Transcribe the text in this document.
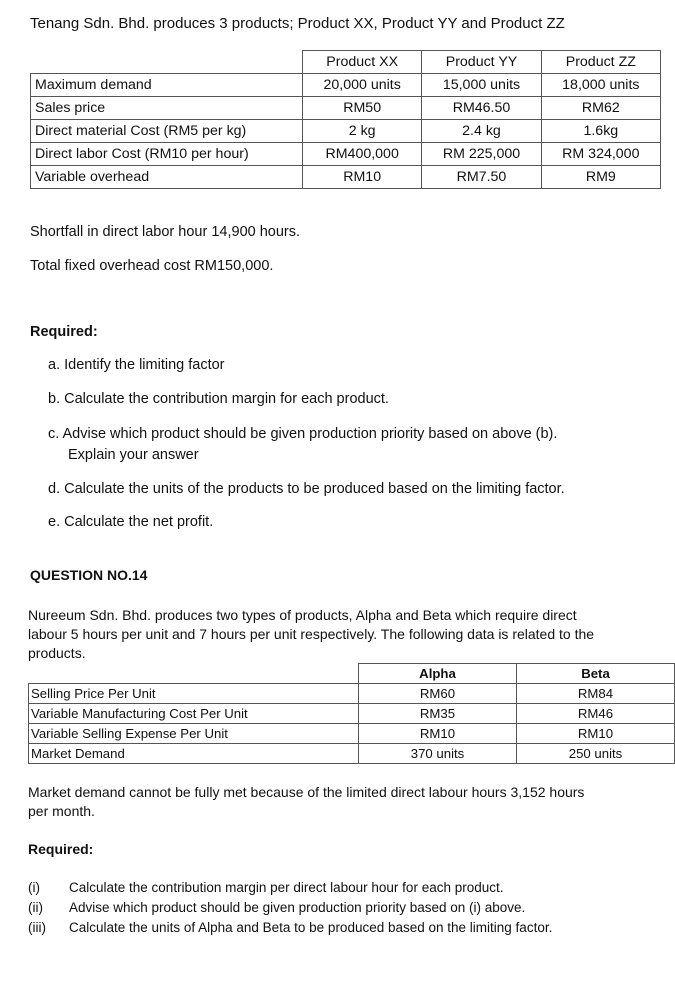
Tenang Sdn. Bhd. produces 3 products; Product XX, Product YY and Product ZZ
	Product XX	Product YY	Product ZZ
Maximum demand	20,000 units	15,000 units	18,000 units
Sales price	RM50	RM46.50	RM62
Direct material Cost (RM5 per kg)	2 kg	2.4 kg	1.6kg
Direct labor Cost (RM10 per hour)	RM400,000	RM 225,000	RM 324,000
Variable overhead	RM10	RM7.50	RM9
Shortfall in direct labor hour 14,900 hours.
Total fixed overhead cost RM150,000.
Required:
a. Identify the limiting factor
b. Calculate the contribution margin for each product.
c. Advise which product should be given production priority based on above (b).
Explain your answer
d. Calculate the units of the products to be produced based on the limiting factor.
e. Calculate the net profit.
QUESTION NO.14
Nureeum Sdn. Bhd. produces two types of products, Alpha and Beta which require direct
labour 5 hours per unit and 7 hours per unit respectively. The following data is related to the
products.
	Alpha	Beta
Selling Price Per Unit	RM60	RM84
Variable Manufacturing Cost Per Unit	RM35	RM46
Variable Selling Expense Per Unit	RM10	RM10
Market Demand	370 units	250 units
Market demand cannot be fully met because of the limited direct labour hours 3,152 hours
per month.
Required:
(i) Calculate the contribution margin per direct labour hour for each product.
(ii) Advise which product should be given production priority based on (i) above.
(iii) Calculate the units of Alpha and Beta to be produced based on the limiting factor.
